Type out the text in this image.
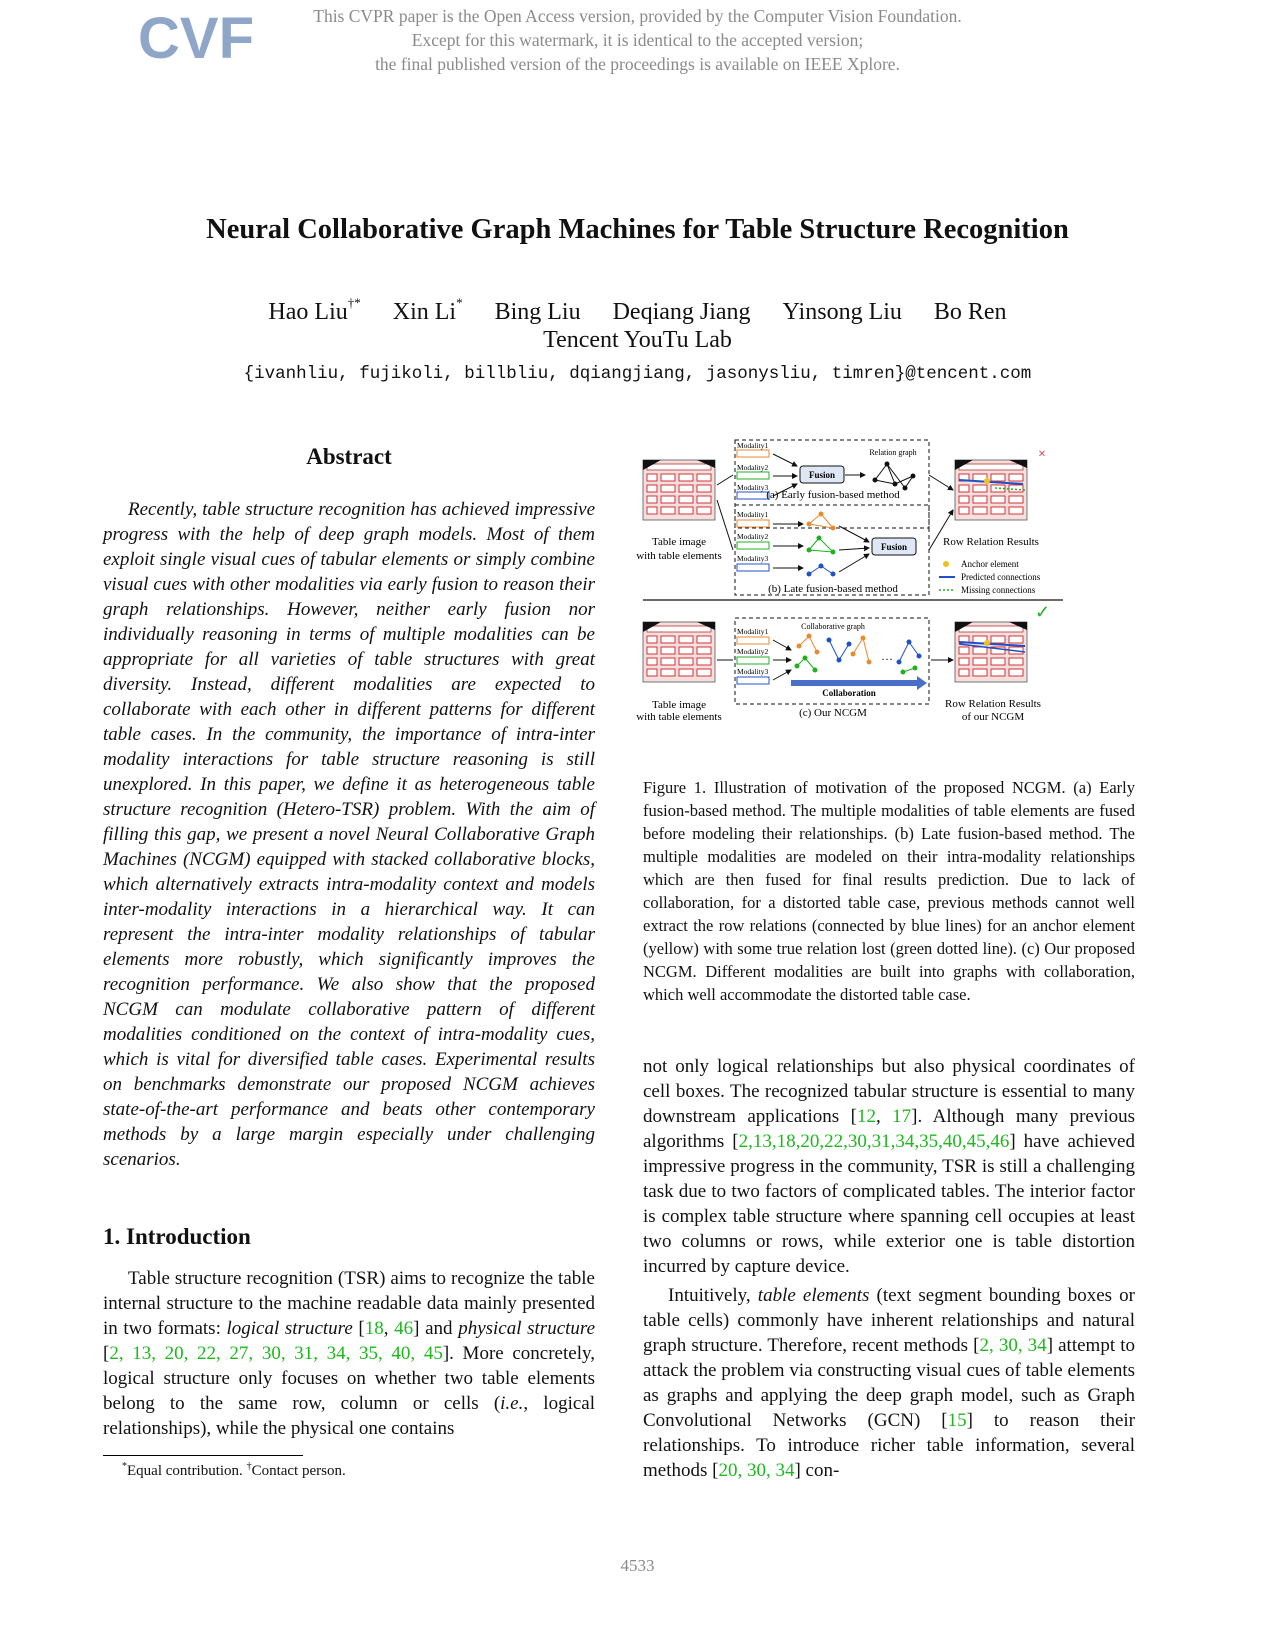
CVF	This CVPR paper is the Open Access version, provided by the Computer Vision Foundation.
Except for this watermark, it is identical to the accepted version;
the final published version of the proceedings is available on IEEE Xplore.
Neural Collaborative Graph Machines for Table Structure Recognition
Hao Liu†* Xin Li* Bing Liu Deqiang Jiang Yinsong Liu Bo Ren
Tencent YouTu Lab
{ivanhliu, fujikoli, billbliu, dqiangjiang, jasonysliu, timren}@tencent.com
Abstract

Recently, table structure recognition has achieved impressive progress with the help of deep graph models. Most of them exploit single visual cues of tabular elements or simply combine visual cues with other modalities via early fusion to reason their graph relationships. However, neither early fusion nor individually reasoning in terms of multiple modalities can be appropriate for all varieties of table structures with great diversity. Instead, different modalities are expected to collaborate with each other in different patterns for different table cases. In the community, the importance of intra-inter modality interactions for table structure reasoning is still unexplored. In this paper, we define it as heterogeneous table structure recognition (Hetero-TSR) problem. With the aim of filling this gap, we present a novel Neural Collaborative Graph Machines (NCGM) equipped with stacked collaborative blocks, which alternatively extracts intra-modality context and models inter-modality interactions in a hierarchical way. It can represent the intra-inter modality relationships of tabular elements more robustly, which significantly improves the recognition performance. We also show that the proposed NCGM can modulate collaborative pattern of different modalities conditioned on the context of intra-modality cues, which is vital for diversified table cases. Experimental results on benchmarks demonstrate our proposed NCGM achieves state-of-the-art performance and beats other contemporary methods by a large margin especially under challenging scenarios.

1. Introduction

Table structure recognition (TSR) aims to recognize the table internal structure to the machine readable data mainly presented in two formats: logical structure [18, 46] and physical structure [2, 13, 20, 22, 27, 30, 31, 34, 35, 40, 45]. More concretely, logical structure only focuses on whether two table elements belong to the same row, column or cells (i.e., logical relationships), while the physical one contains

*Equal contribution. †Contact person.
Modality1
Modality2
Modality3
Fusion
Relation graph
(a) Early fusion-based method
Modality1
Modality2
Modality3
Fusion
(b) Late fusion-based method
Table image
with table elements
×
Row Relation Results
Anchor element
Predicted connections
Missing connections
✓
Collaborative graph
Modality1
Modality2
Modality3
…
Collaboration
(c) Our NCGM
Table image
with table elements
Row Relation Results
of our NCGM

Figure 1. Illustration of motivation of the proposed NCGM. (a) Early fusion-based method. The multiple modalities of table elements are fused before modeling their relationships. (b) Late fusion-based method. The multiple modalities are modeled on their intra-modality relationships which are then fused for final results prediction. Due to lack of collaboration, for a distorted table case, previous methods cannot well extract the row relations (connected by blue lines) for an anchor element (yellow) with some true relation lost (green dotted line). (c) Our proposed NCGM. Different modalities are built into graphs with collaboration, which well accommodate the distorted table case.

not only logical relationships but also physical coordinates of cell boxes. The recognized tabular structure is essential to many downstream applications [12, 17]. Although many previous algorithms [2,13,18,20,22,30,31,34,35,40,45,46] have achieved impressive progress in the community, TSR is still a challenging task due to two factors of complicated tables. The interior factor is complex table structure where spanning cell occupies at least two columns or rows, while exterior one is table distortion incurred by capture device.

Intuitively, table elements (text segment bounding boxes or table cells) commonly have inherent relationships and natural graph structure. Therefore, recent methods [2, 30, 34] attempt to attack the problem via constructing visual cues of table elements as graphs and applying the deep graph model, such as Graph Convolutional Networks (GCN) [15] to reason their relationships. To introduce richer table information, several methods [20, 30, 34] con-

4533
